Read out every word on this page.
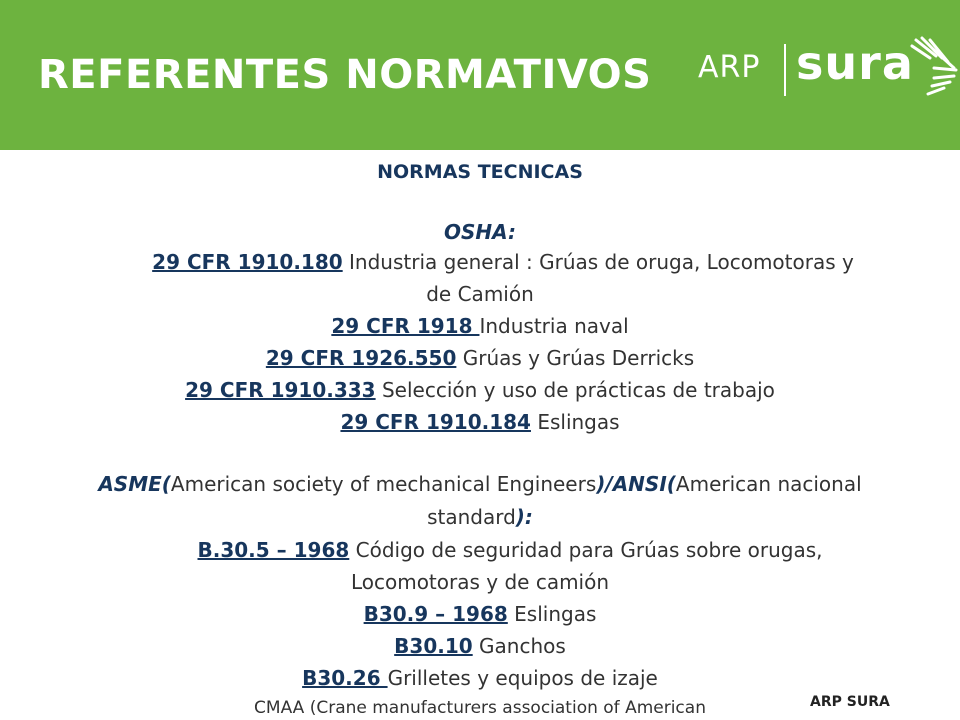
REFERENTES NORMATIVOS ARP sura
NORMAS TECNICAS
OSHA:
29 CFR 1910.180 Industria general : Grúas de oruga, Locomotoras y
de Camión
29 CFR 1918 Industria naval
29 CFR 1926.550 Grúas y Grúas Derricks
29 CFR 1910.333 Selección y uso de prácticas de trabajo
29 CFR 1910.184 Eslingas
ASME(American society of mechanical Engineers)/ANSI(American nacional
standard):
B.30.5 – 1968 Código de seguridad para Grúas sobre orugas,
Locomotoras y de camión
B30.9 – 1968 Eslingas
B30.10 Ganchos
B30.26 Grilletes y equipos de izaje
CMAA (Crane manufacturers association of American	ARP SURA
